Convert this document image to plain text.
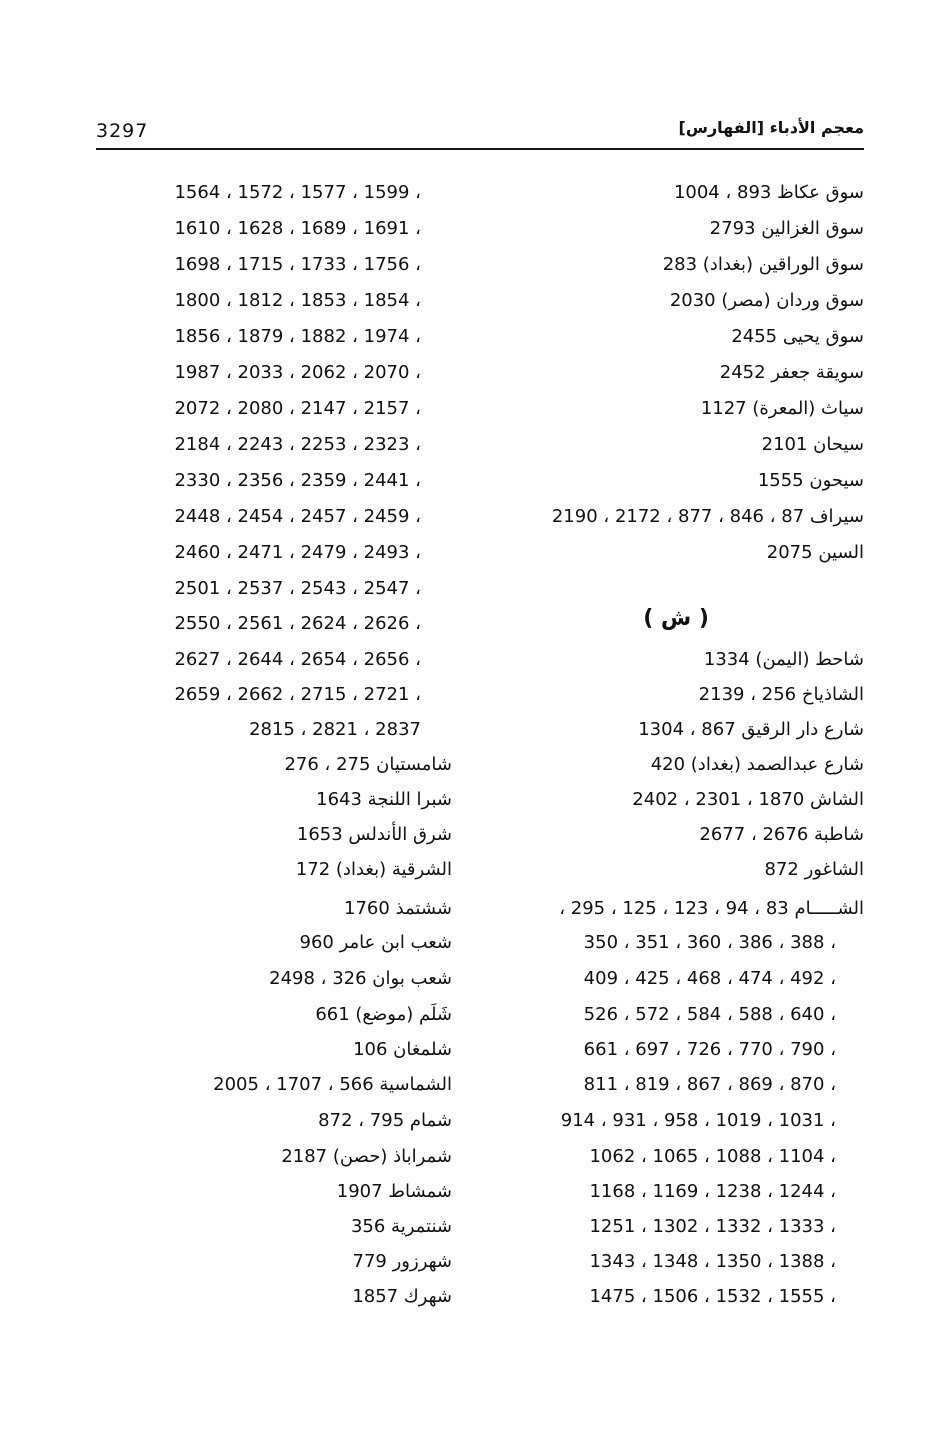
3297	معجم الأدباء [الفهارس]
سوق عكاظ 893 ، 1004
سوق الغزالين 2793
سوق الوراقين (بغداد) 283
سوق وردان (مصر) 2030
سوق يحيى 2455
سويقة جعفر 2452
سياث (المعرة) 1127
سيحان 2101
سيحون 1555
سيراف 87 ، 846 ، 877 ، 2172 ، 2190
السين 2075
( ش )
شاحط (اليمن) 1334
الشاذياخ 256 ، 2139
شارع دار الرقيق 867 ، 1304
شارع عبدالصمد (بغداد) 420
الشاش 1870 ، 2301 ، 2402
شاطبة 2676 ، 2677
الشاغور 872
الشـــــام 83 ، 94 ، 123 ، 125 ، 295 ،
350 ، 351 ، 360 ، 386 ، 388 ،
409 ، 425 ، 468 ، 474 ، 492 ،
526 ، 572 ، 584 ، 588 ، 640 ،
661 ، 697 ، 726 ، 770 ، 790 ،
811 ، 819 ، 867 ، 869 ، 870 ،
914 ، 931 ، 958 ، 1019 ، 1031 ،
1062 ، 1065 ، 1088 ، 1104 ،
1168 ، 1169 ، 1238 ، 1244 ،
1251 ، 1302 ، 1332 ، 1333 ،
1343 ، 1348 ، 1350 ، 1388 ،
1475 ، 1506 ، 1532 ، 1555 ،
1564 ، 1572 ، 1577 ، 1599 ،
1610 ، 1628 ، 1689 ، 1691 ،
1698 ، 1715 ، 1733 ، 1756 ،
1800 ، 1812 ، 1853 ، 1854 ،
1856 ، 1879 ، 1882 ، 1974 ،
1987 ، 2033 ، 2062 ، 2070 ،
2072 ، 2080 ، 2147 ، 2157 ،
2184 ، 2243 ، 2253 ، 2323 ،
2330 ، 2356 ، 2359 ، 2441 ،
2448 ، 2454 ، 2457 ، 2459 ،
2460 ، 2471 ، 2479 ، 2493 ،
2501 ، 2537 ، 2543 ، 2547 ،
2550 ، 2561 ، 2624 ، 2626 ،
2627 ، 2644 ، 2654 ، 2656 ،
2659 ، 2662 ، 2715 ، 2721 ،
2815 ، 2821 ، 2837
شامستيان 275 ، 276
شبرا اللنجة 1643
شرق الأندلس 1653
الشرقية (بغداد) 172
ششتمذ 1760
شعب ابن عامر 960
شعب بوان 326 ، 2498
شَلَم (موضع) 661
شلمغان 106
الشماسية 566 ، 1707 ، 2005
شمام 795 ، 872
شمراباذ (حصن) 2187
شمشاط 1907
شنتمرية 356
شهرزور 779
شهرك 1857
